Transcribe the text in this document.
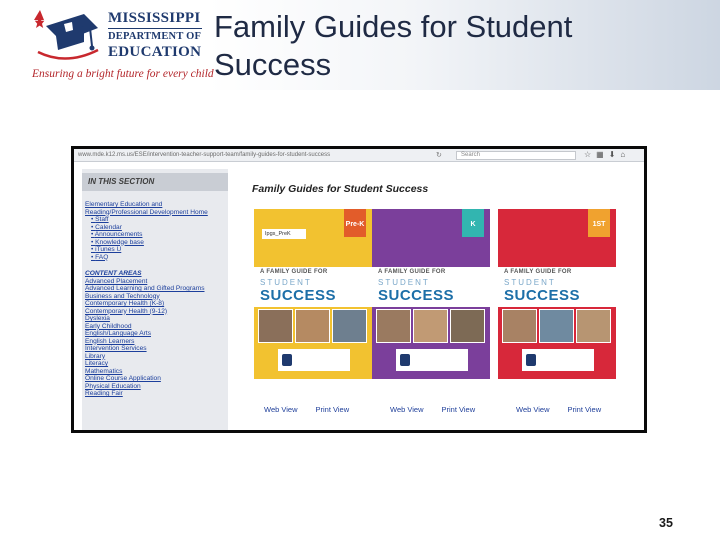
MISSISSIPPI
DEPARTMENT OF
EDUCATION
Ensuring a bright future for every child
Family Guides for Student Success
www.mde.k12.ms.us/ESE/intervention-teacher-support-team/family-guides-for-student-success	↻	Search	☆▦⬇⌂
IN THIS SECTION
Elementary Education and
Reading/Professional Development Home
• Staff
• Calendar
• Announcements
• Knowledge base
• iTunes U
• FAQ
CONTENT AREAS
Advanced Placement
Advanced Learning and Gifted Programs
Business and Technology
Contemporary Health (K-8)
Contemporary Health (9-12)
Dyslexia
Early Childhood
English/Language Arts
English Learners
Intervention Services
Library
Literacy
Mathematics
Online Course Application
Physical Education
Reading Fair
Family Guides for Student Success
Pre-K
Ipgs_PreK
A FAMILY GUIDE FOR
STUDENT
SUCCESS
K
A FAMILY GUIDE FOR
STUDENT
SUCCESS
1ST
A FAMILY GUIDE FOR
STUDENT
SUCCESS
Web View Print View	Web View Print View	Web View Print View
35
